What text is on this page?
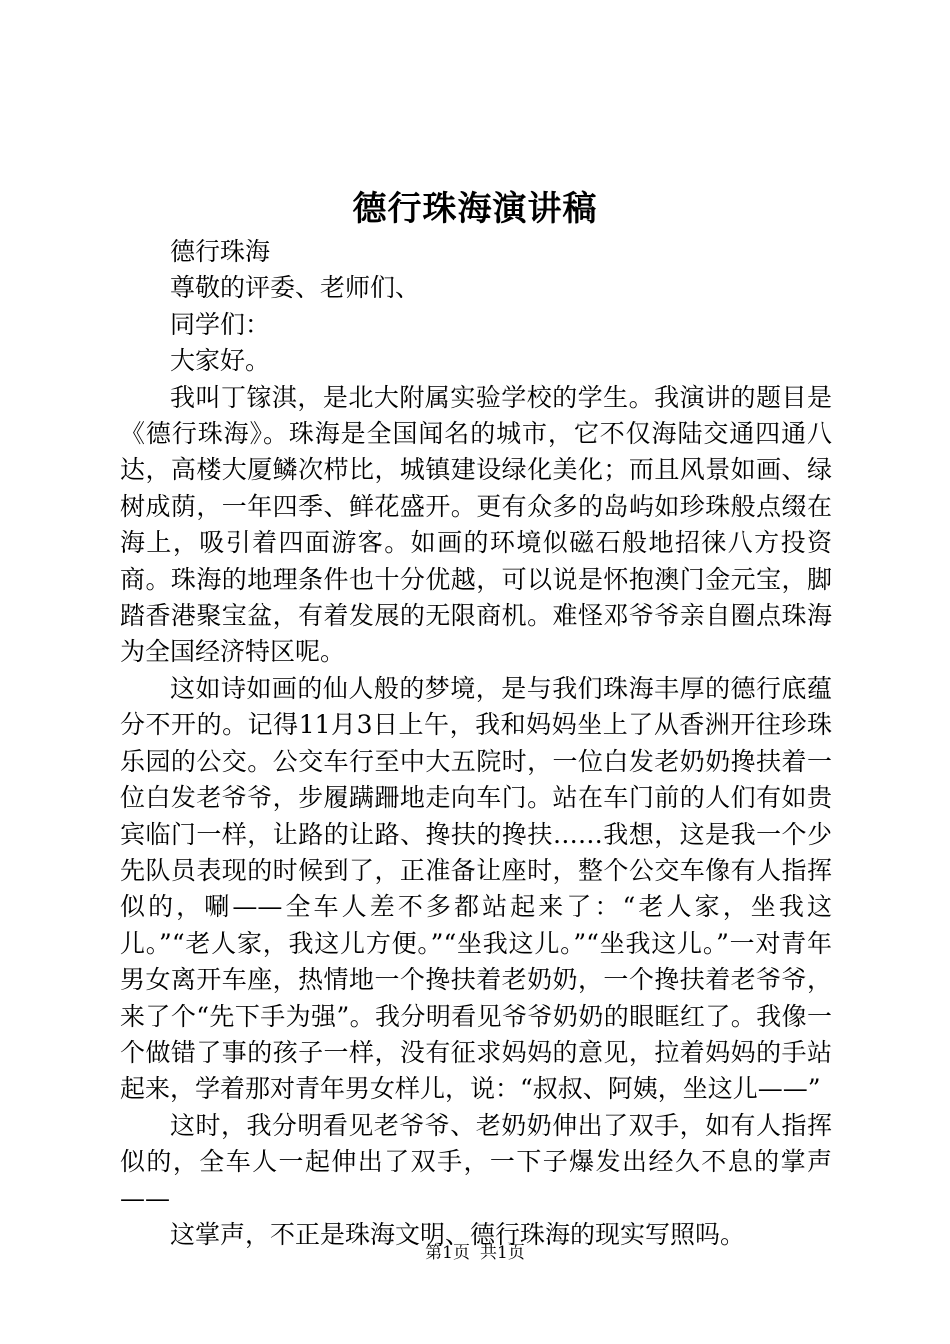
德行珠海演讲稿

德行珠海

尊敬的评委、老师们、

同学们：

大家好。

我叫丁镓淇，是北大附属实验学校的学生。我演讲的题目是《德行珠海》。珠海是全国闻名的城市，它不仅海陆交通四通八达，高楼大厦鳞次栉比，城镇建设绿化美化；而且风景如画、绿树成荫，一年四季、鲜花盛开。更有众多的岛屿如珍珠般点缀在海上，吸引着四面游客。如画的环境似磁石般地招徕八方投资商。珠海的地理条件也十分优越，可以说是怀抱澳门金元宝，脚踏香港聚宝盆，有着发展的无限商机。难怪邓爷爷亲自圈点珠海为全国经济特区呢。

这如诗如画的仙人般的梦境，是与我们珠海丰厚的德行底蕴分不开的。记得11月3日上午，我和妈妈坐上了从香洲开往珍珠乐园的公交。公交车行至中大五院时，一位白发老奶奶搀扶着一位白发老爷爷，步履蹒跚地走向车门。站在车门前的人们有如贵宾临门一样，让路的让路、搀扶的搀扶……我想，这是我一个少先队员表现的时候到了，正准备让座时，整个公交车像有人指挥似的，唰——全车人差不多都站起来了：“老人家，坐我这儿。”“老人家，我这儿方便。”“坐我这儿。”“坐我这儿。”一对青年男女离开车座，热情地一个搀扶着老奶奶，一个搀扶着老爷爷，来了个“先下手为强”。我分明看见爷爷奶奶的眼眶红了。我像一个做错了事的孩子一样，没有征求妈妈的意见，拉着妈妈的手站起来，学着那对青年男女样儿，说：“叔叔、阿姨，坐这儿——”

这时，我分明看见老爷爷、老奶奶伸出了双手，如有人指挥似的，全车人一起伸出了双手，一下子爆发出经久不息的掌声——

这掌声，不正是珠海文明、德行珠海的现实写照吗。

第1页 共1页
